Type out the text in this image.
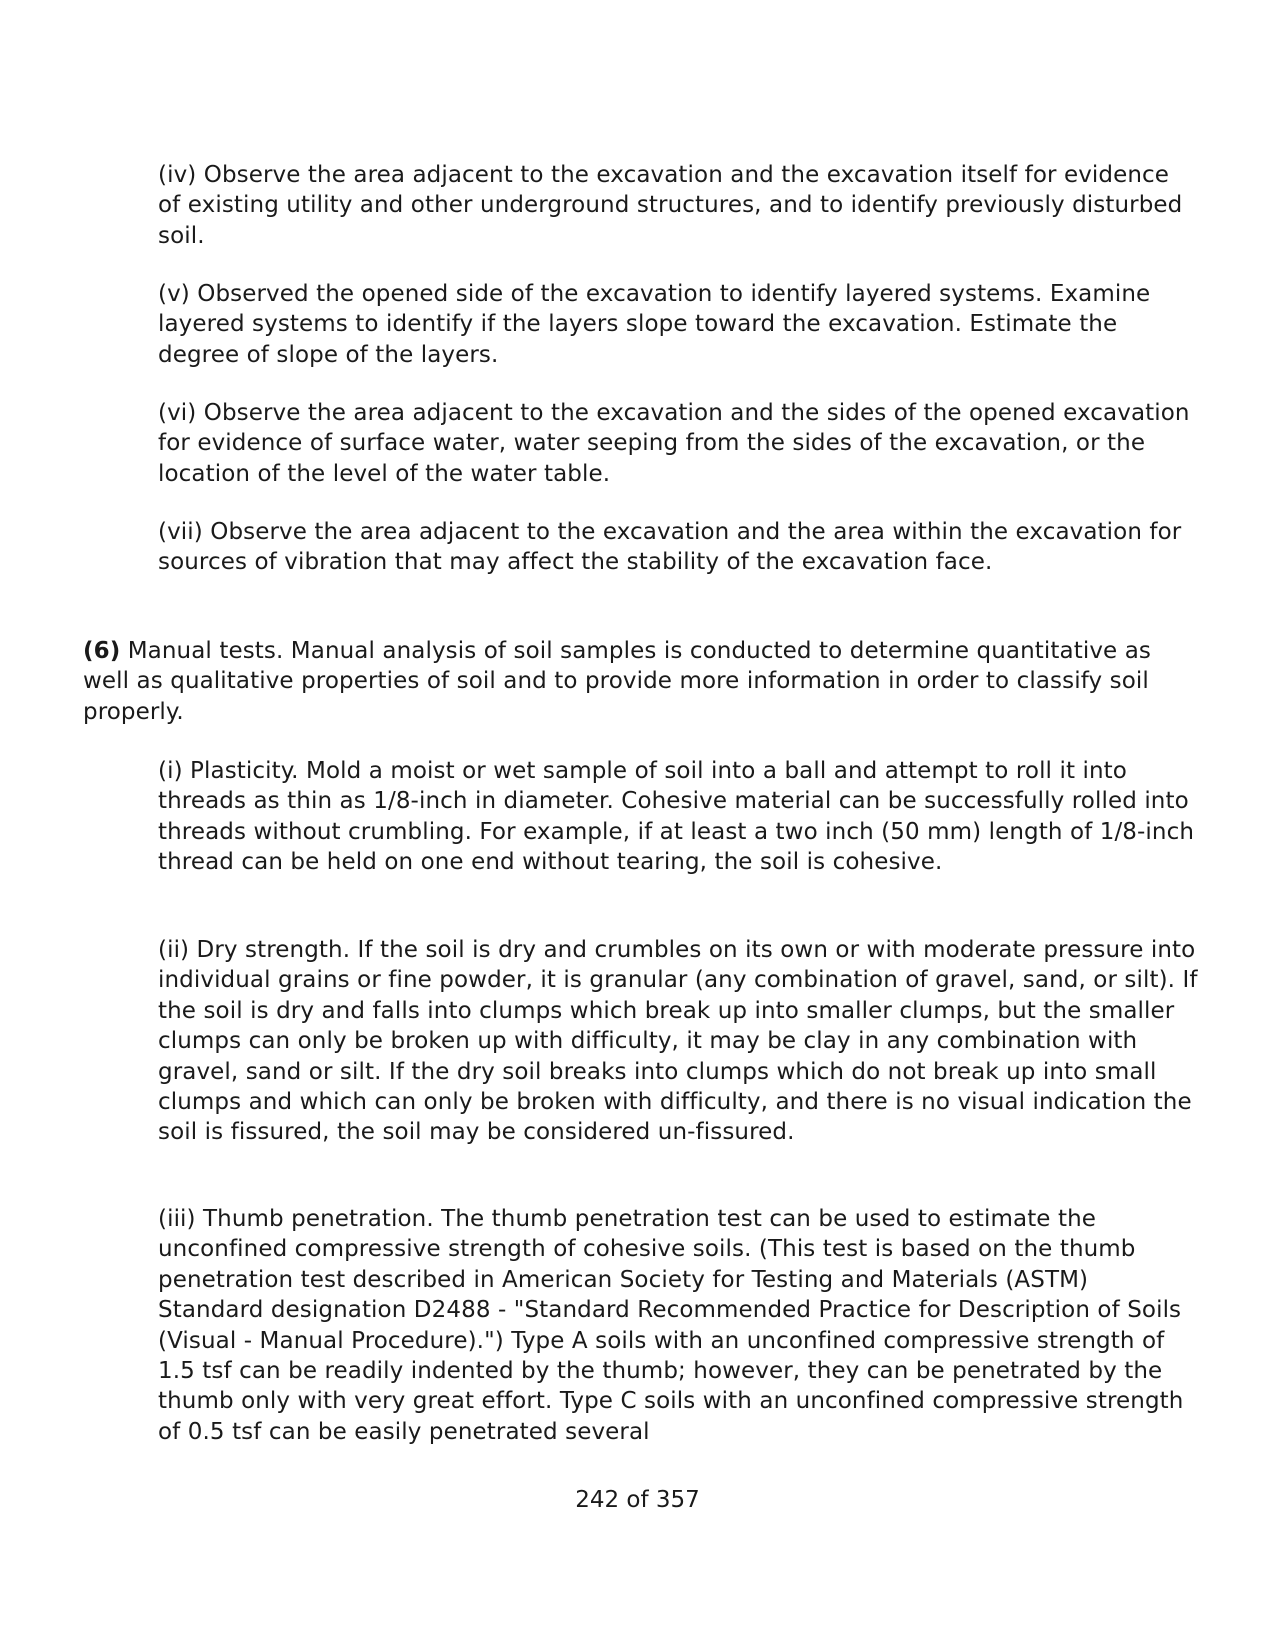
(iv) Observe the area adjacent to the excavation and the excavation itself for evidence of existing utility and other underground structures, and to identify previously disturbed soil.

(v) Observed the opened side of the excavation to identify layered systems. Examine layered systems to identify if the layers slope toward the excavation. Estimate the degree of slope of the layers.

(vi) Observe the area adjacent to the excavation and the sides of the opened excavation for evidence of surface water, water seeping from the sides of the excavation, or the location of the level of the water table.

(vii) Observe the area adjacent to the excavation and the area within the excavation for sources of vibration that may affect the stability of the excavation face.

(6) Manual tests. Manual analysis of soil samples is conducted to determine quantitative as well as qualitative properties of soil and to provide more information in order to classify soil properly.

(i) Plasticity. Mold a moist or wet sample of soil into a ball and attempt to roll it into threads as thin as 1/8-inch in diameter. Cohesive material can be successfully rolled into threads without crumbling. For example, if at least a two inch (50 mm) length of 1/8-inch thread can be held on one end without tearing, the soil is cohesive.

(ii) Dry strength. If the soil is dry and crumbles on its own or with moderate pressure into individual grains or fine powder, it is granular (any combination of gravel, sand, or silt). If the soil is dry and falls into clumps which break up into smaller clumps, but the smaller clumps can only be broken up with difficulty, it may be clay in any combination with gravel, sand or silt. If the dry soil breaks into clumps which do not break up into small clumps and which can only be broken with difficulty, and there is no visual indication the soil is fissured, the soil may be considered un-fissured.

(iii) Thumb penetration. The thumb penetration test can be used to estimate the unconfined compressive strength of cohesive soils. (This test is based on the thumb penetration test described in American Society for Testing and Materials (ASTM) Standard designation D2488 - "Standard Recommended Practice for Description of Soils (Visual - Manual Procedure).") Type A soils with an unconfined compressive strength of 1.5 tsf can be readily indented by the thumb; however, they can be penetrated by the thumb only with very great effort. Type C soils with an unconfined compressive strength of 0.5 tsf can be easily penetrated several

242 of 357
